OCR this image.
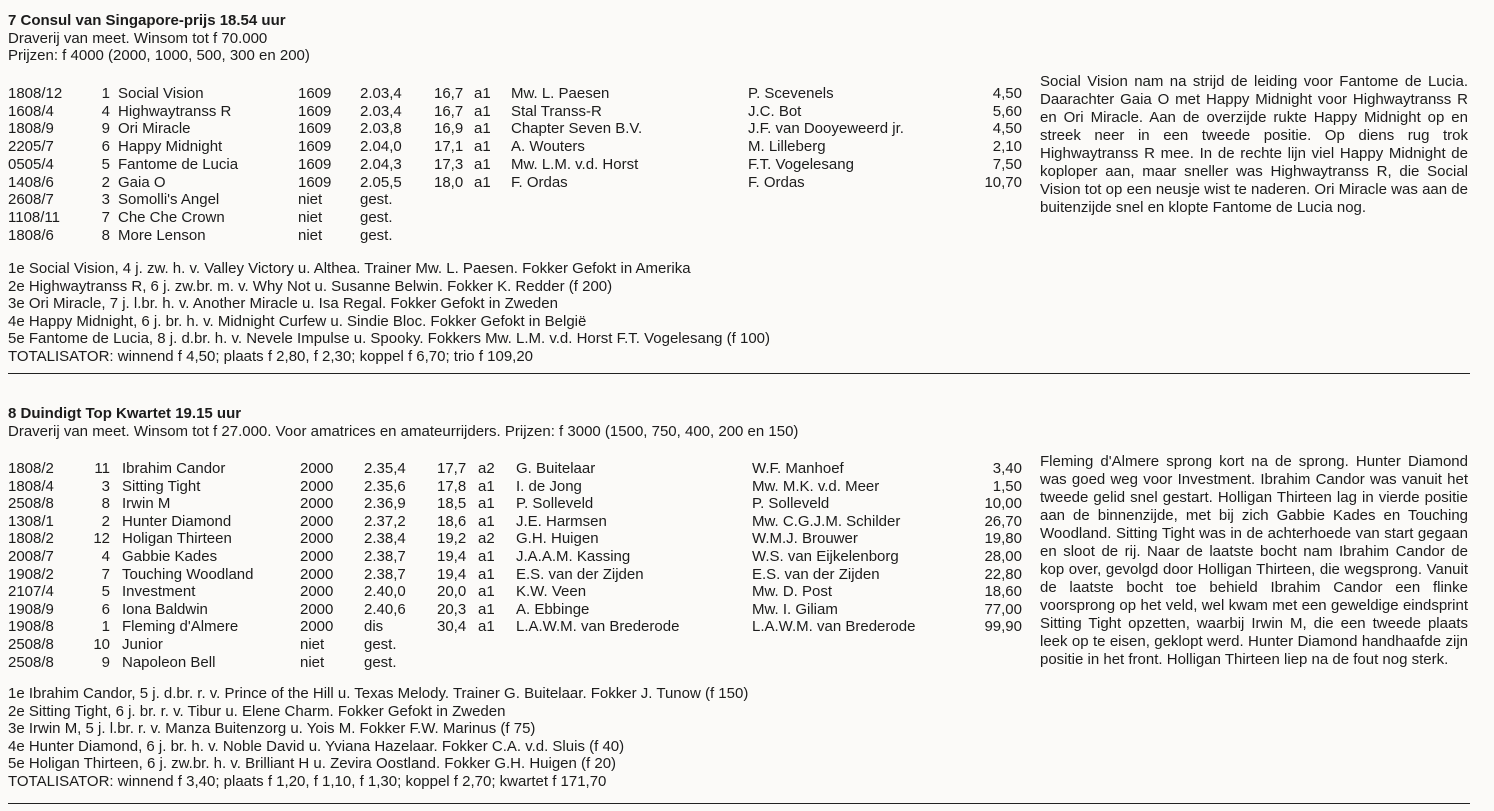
7 Consul van Singapore-prijs 18.54 uur
Draverij van meet. Winsom tot f 70.000
Prijzen: f 4000 (2000, 1000, 500, 300 en 200)
1808/12	1 Social Vision	1609 2.03,4 16,7 a1 Mw. L. Paesen	P. Scevenels	4,50
1608/4	4 Highwaytranss R	1609 2.03,4 16,7 a1 Stal Transs-R	J.C. Bot	5,60
1808/9	9 Ori Miracle	1609 2.03,8 16,9 a1 Chapter Seven B.V.	J.F. van Dooyeweerd jr.	4,50
2205/7	6 Happy Midnight	1609 2.04,0 17,1 a1 A. Wouters	M. Lilleberg	2,10
0505/4	5 Fantome de Lucia	1609 2.04,3 17,3 a1 Mw. L.M. v.d. Horst	F.T. Vogelesang	7,50
1408/6	2 Gaia O	1609 2.05,5 18,0 a1 F. Ordas	F. Ordas	10,70
2608/7	3 Somolli's Angel	niet	gest.
1108/11	7 Che Che Crown	niet	gest.
1808/6	8 More Lenson	niet	gest.
Social Vision nam na strijd de leiding voor Fantome de Lucia. Daarachter Gaia O met Happy Midnight voor Highwaytranss R en Ori Miracle. Aan de overzijde rukte Happy Midnight op en streek neer in een tweede positie. Op diens rug trok Highwaytranss R mee. In de rechte lijn viel Happy Midnight de koploper aan, maar sneller was Highwaytranss R, die Social Vision tot op een neusje wist te naderen. Ori Miracle was aan de buitenzijde snel en klopte Fantome de Lucia nog.
1e Social Vision, 4 j. zw. h. v. Valley Victory u. Althea. Trainer Mw. L. Paesen. Fokker Gefokt in Amerika
2e Highwaytranss R, 6 j. zw.br. m. v. Why Not u. Susanne Belwin. Fokker K. Redder (f 200)
3e Ori Miracle, 7 j. l.br. h. v. Another Miracle u. Isa Regal. Fokker Gefokt in Zweden
4e Happy Midnight, 6 j. br. h. v. Midnight Curfew u. Sindie Bloc. Fokker Gefokt in België
5e Fantome de Lucia, 8 j. d.br. h. v. Nevele Impulse u. Spooky. Fokkers Mw. L.M. v.d. Horst F.T. Vogelesang (f 100)
TOTALISATOR: winnend f 4,50; plaats f 2,80, f 2,30; koppel f 6,70; trio f 109,20
8 Duindigt Top Kwartet 19.15 uur
Draverij van meet. Winsom tot f 27.000. Voor amatrices en amateurrijders. Prijzen: f 3000 (1500, 750, 400, 200 en 150)
1808/2	11 Ibrahim Candor	2000 2.35,4 17,7 a2 G. Buitelaar	W.F. Manhoef	3,40
1808/4	3 Sitting Tight	2000 2.35,6 17,8 a1 I. de Jong	Mw. M.K. v.d. Meer	1,50
2508/8	8 Irwin M	2000 2.36,9 18,5 a1 P. Solleveld	P. Solleveld	10,00
1308/1	2 Hunter Diamond	2000 2.37,2 18,6 a1 J.E. Harmsen	Mw. C.G.J.M. Schilder	26,70
1808/2	12 Holigan Thirteen	2000 2.38,4 19,2 a2 G.H. Huigen	W.M.J. Brouwer	19,80
2008/7	4 Gabbie Kades	2000 2.38,7 19,4 a1 J.A.A.M. Kassing	W.S. van Eijkelenborg	28,00
1908/2	7 Touching Woodland	2000 2.38,7 19,4 a1 E.S. van der Zijden	E.S. van der Zijden	22,80
2107/4	5 Investment	2000 2.40,0 20,0 a1 K.W. Veen	Mw. D. Post	18,60
1908/9	6 Iona Baldwin	2000 2.40,6 20,3 a1 A. Ebbinge	Mw. I. Giliam	77,00
1908/8	1 Fleming d'Almere	2000 dis	30,4 a1 L.A.W.M. van Brederode	L.A.W.M. van Brederode	99,90
2508/8	10 Junior	niet	gest.
2508/8	9 Napoleon Bell	niet	gest.
Fleming d'Almere sprong kort na de sprong. Hunter Diamond was goed weg voor Investment. Ibrahim Candor was vanuit het tweede gelid snel gestart. Holligan Thirteen lag in vierde positie aan de binnenzijde, met bij zich Gabbie Kades en Touching Woodland. Sitting Tight was in de achterhoede van start gegaan en sloot de rij. Naar de laatste bocht nam Ibrahim Candor de kop over, gevolgd door Holligan Thirteen, die wegsprong. Vanuit de laatste bocht toe behield Ibrahim Candor een flinke voorsprong op het veld, wel kwam met een geweldige eindsprint Sitting Tight opzetten, waarbij Irwin M, die een tweede plaats leek op te eisen, geklopt werd. Hunter Diamond handhaafde zijn positie in het front. Holligan Thirteen liep na de fout nog sterk.
1e Ibrahim Candor, 5 j. d.br. r. v. Prince of the Hill u. Texas Melody. Trainer G. Buitelaar. Fokker J. Tunow (f 150)
2e Sitting Tight, 6 j. br. r. v. Tibur u. Elene Charm. Fokker Gefokt in Zweden
3e Irwin M, 5 j. l.br. r. v. Manza Buitenzorg u. Yois M. Fokker F.W. Marinus (f 75)
4e Hunter Diamond, 6 j. br. h. v. Noble David u. Yviana Hazelaar. Fokker C.A. v.d. Sluis (f 40)
5e Holigan Thirteen, 6 j. zw.br. h. v. Brilliant H u. Zevira Oostland. Fokker G.H. Huigen (f 20)
TOTALISATOR: winnend f 3,40; plaats f 1,20, f 1,10, f 1,30; koppel f 2,70; kwartet f 171,70
